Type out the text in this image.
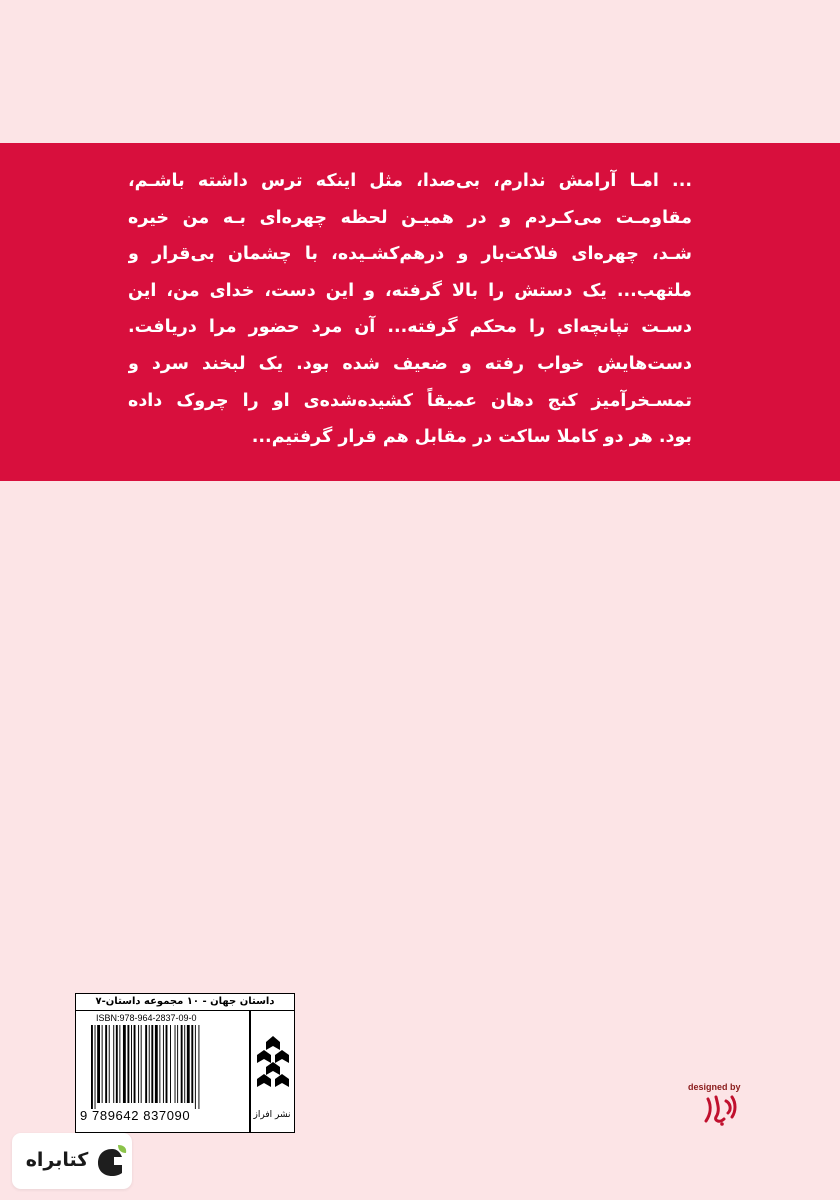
... امـا آرامش ندارم، بی‌صدا، مثل اینکه ترس داشته باشـم،
مقاومـت می‌کـردم و در همیـن لحظه چهره‌ای بـه من خیره
شـد، چهره‌ای فلاکت‌بار و درهم‌کشـیده، با چشمان بی‌قرار و
ملتهب... یک دستش را بالا گرفته، و این دست، خدای من، این
دسـت تپانچه‌ای را محکم گرفته... آن مرد حضور مرا دریافت.
دست‌هایش خواب رفته و ضعیف شده بود. یک لبخند سرد و
تمسـخرآمیز کنج دهان عمیقاً کشیده‌شده‌ی او را چروک داده
بود. هر دو کاملا ساکت در مقابل هم قرار گرفتیم...
داستان جهان - ۱۰ مجموعه داستان-۷
ISBN:978-964-2837-09-0
9 789642 837090	نشر افراز
designed by
کتابراه
